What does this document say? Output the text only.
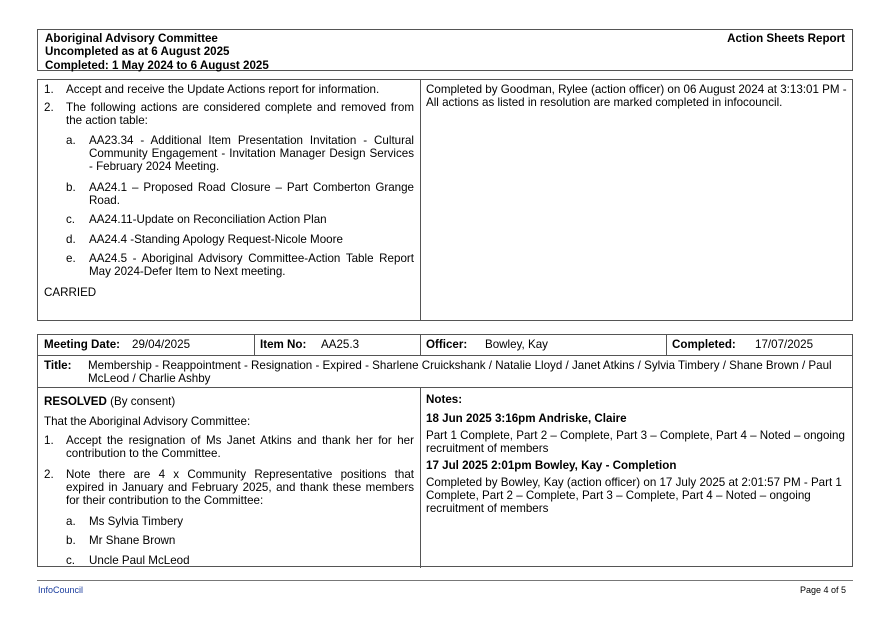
Aboriginal Advisory Committee

Uncompleted as at 6 August 2025

Completed: 1 May 2024 to 6 August 2025

Action Sheets Report
1. Accept and receive the Update Actions report for information.

2. The following actions are considered complete and removed from the action table:

a. AA23.34 - Additional Item Presentation Invitation - Cultural Community Engagement - Invitation Manager Design Services - February 2024 Meeting.

b. AA24.1 – Proposed Road Closure – Part Comberton Grange Road.

c. AA24.11-Update on Reconciliation Action Plan

d. AA24.4 -Standing Apology Request-Nicole Moore

e. AA24.5 - Aboriginal Advisory Committee-Action Table Report May 2024-Defer Item to Next meeting.

CARRIED

Completed by Goodman, Rylee (action officer) on 06 August 2024 at 3:13:01 PM - All actions as listed in resolution are marked completed in infocouncil.

Meeting Date: 29/04/2025	Item No: AA25.3	Officer: Bowley, Kay	Completed: 17/07/2025
Title: Membership - Reappointment - Resignation - Expired - Sharlene Cruickshank / Natalie Lloyd / Janet Atkins / Sylvia Timbery / Shane Brown / Paul McLeod / Charlie Ashby

RESOLVED (By consent)

That the Aboriginal Advisory Committee:

1. Accept the resignation of Ms Janet Atkins and thank her for her contribution to the Committee.

2. Note there are 4 x Community Representative positions that expired in January and February 2025, and thank these members for their contribution to the Committee:

a. Ms Sylvia Timbery

b. Mr Shane Brown

c. Uncle Paul McLeod

Notes:

18 Jun 2025 3:16pm Andriske, Claire

Part 1 Complete, Part 2 – Complete, Part 3 – Complete, Part 4 – Noted – ongoing recruitment of members

17 Jul 2025 2:01pm Bowley, Kay - Completion

Completed by Bowley, Kay (action officer) on 17 July 2025 at 2:01:57 PM - Part 1 Complete, Part 2 – Complete, Part 3 – Complete, Part 4 – Noted – ongoing recruitment of members

InfoCouncil	Page 4 of 5
